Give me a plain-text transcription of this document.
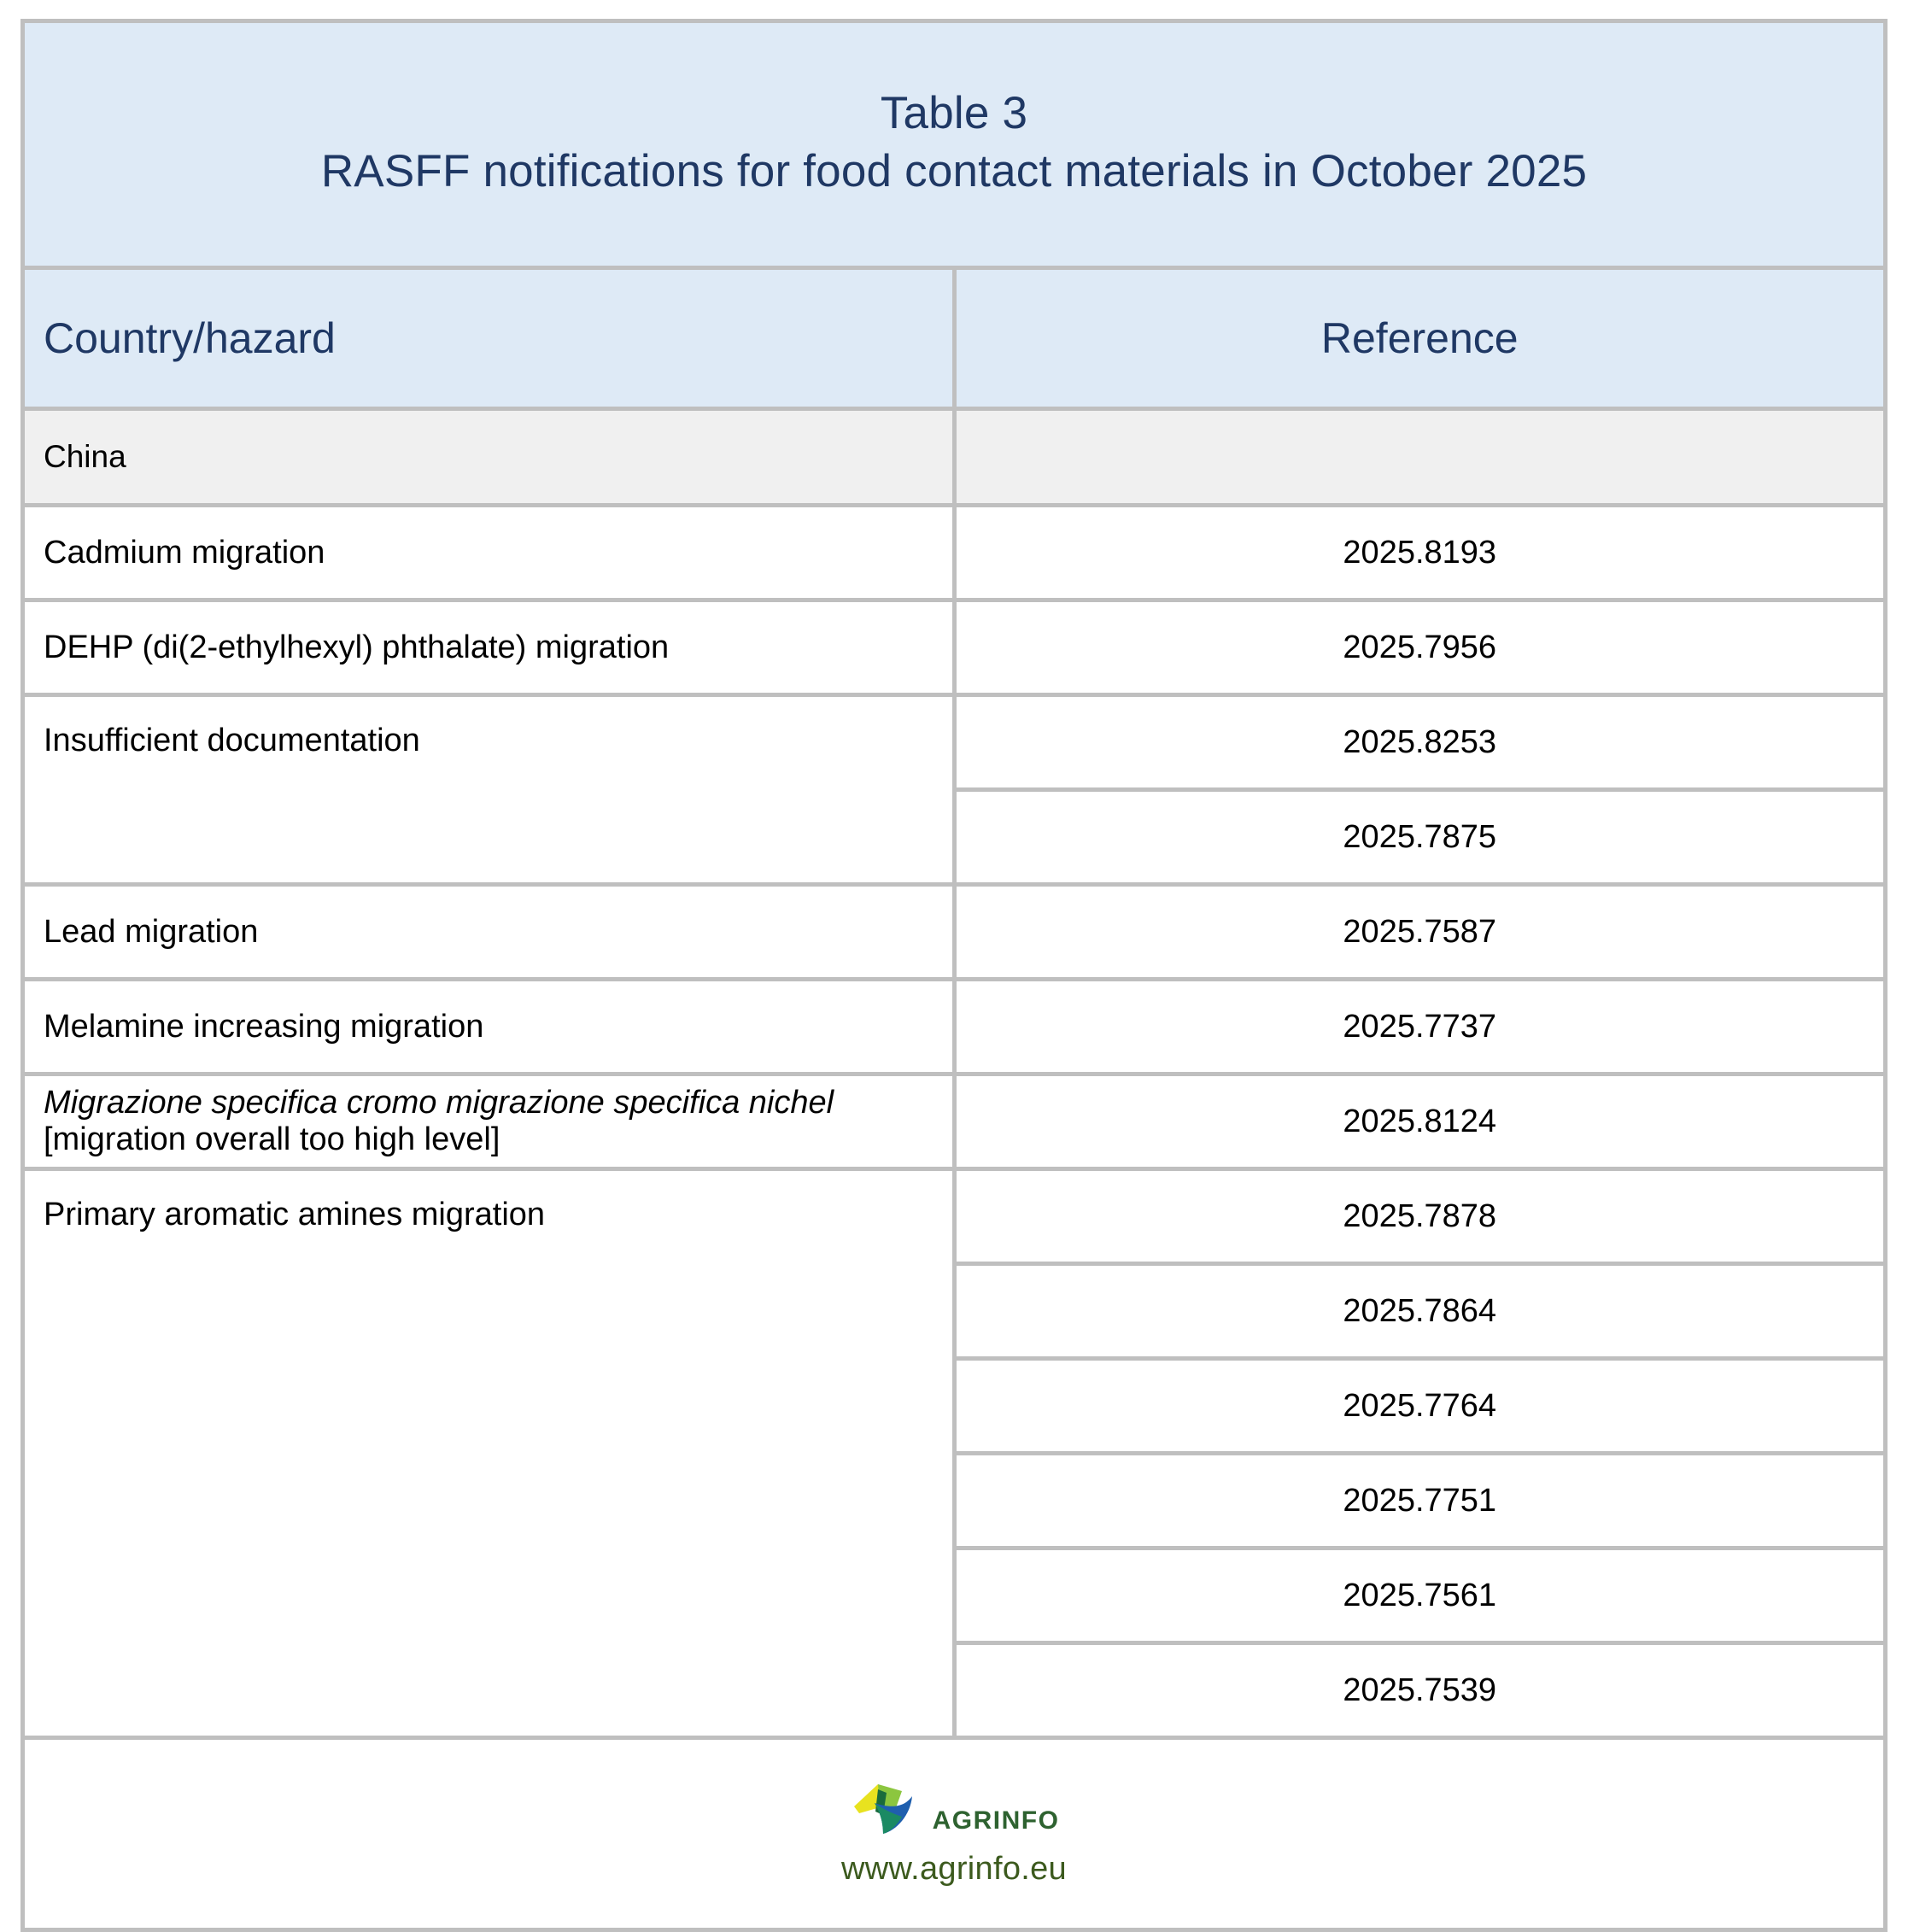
Table 3
RASFF notifications for food contact materials in October 2025	

Country/hazard	Reference
China	
Cadmium migration	2025.8193
DEHP (di(2-ethylhexyl) phthalate) migration	2025.7956
Insufficient documentation	2025.8253
	2025.7875
Lead migration	2025.7587
Melamine increasing migration	2025.7737
Migrazione specifica cromo migrazione specifica nichel [migration overall too high level]	2025.8124
Primary aromatic amines migration	2025.7878
	2025.7864
	2025.7764
	2025.7751
	2025.7561
	2025.7539

AGRINFO
www.agrinfo.eu	
